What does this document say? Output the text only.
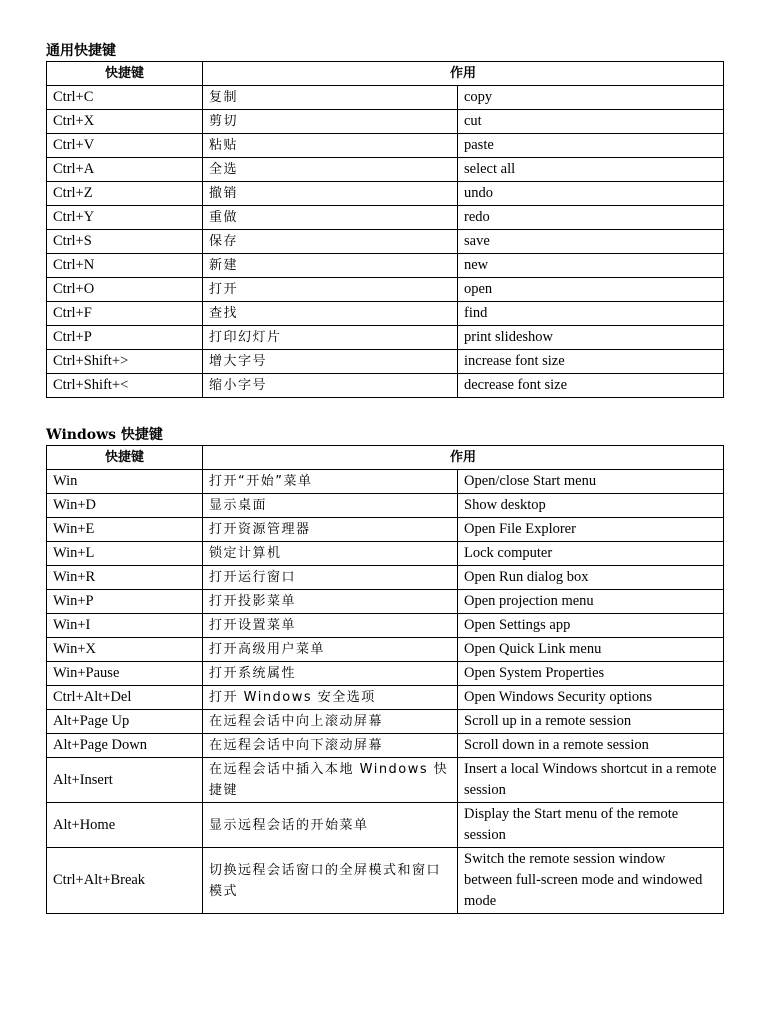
通用快捷键
快捷键	作用	
Ctrl+C	复制	copy
Ctrl+X	剪切	cut
Ctrl+V	粘贴	paste
Ctrl+A	全选	select all
Ctrl+Z	撤销	undo
Ctrl+Y	重做	redo
Ctrl+S	保存	save
Ctrl+N	新建	new
Ctrl+O	打开	open
Ctrl+F	查找	find
Ctrl+P	打印幻灯片	print slideshow
Ctrl+Shift+>	增大字号	increase font size
Ctrl+Shift+<	缩小字号	decrease font size
Windows 快捷键
快捷键	作用	
Win	打开“开始”菜单	Open/close Start menu
Win+D	显示桌面	Show desktop
Win+E	打开资源管理器	Open File Explorer
Win+L	锁定计算机	Lock computer
Win+R	打开运行窗口	Open Run dialog box
Win+P	打开投影菜单	Open projection menu
Win+I	打开设置菜单	Open Settings app
Win+X	打开高级用户菜单	Open Quick Link menu
Win+Pause	打开系统属性	Open System Properties
Ctrl+Alt+Del	打开 Windows 安全选项	Open Windows Security options
Alt+Page Up	在远程会话中向上滚动屏幕	Scroll up in a remote session
Alt+Page Down	在远程会话中向下滚动屏幕	Scroll down in a remote session
Alt+Insert	在远程会话中插入本地 Windows 快捷键	Insert a local Windows shortcut in a remote session
Alt+Home	显示远程会话的开始菜单	Display the Start menu of the remote session
Ctrl+Alt+Break	切换远程会话窗口的全屏模式和窗口模式	Switch the remote session window between full-screen mode and windowed mode
